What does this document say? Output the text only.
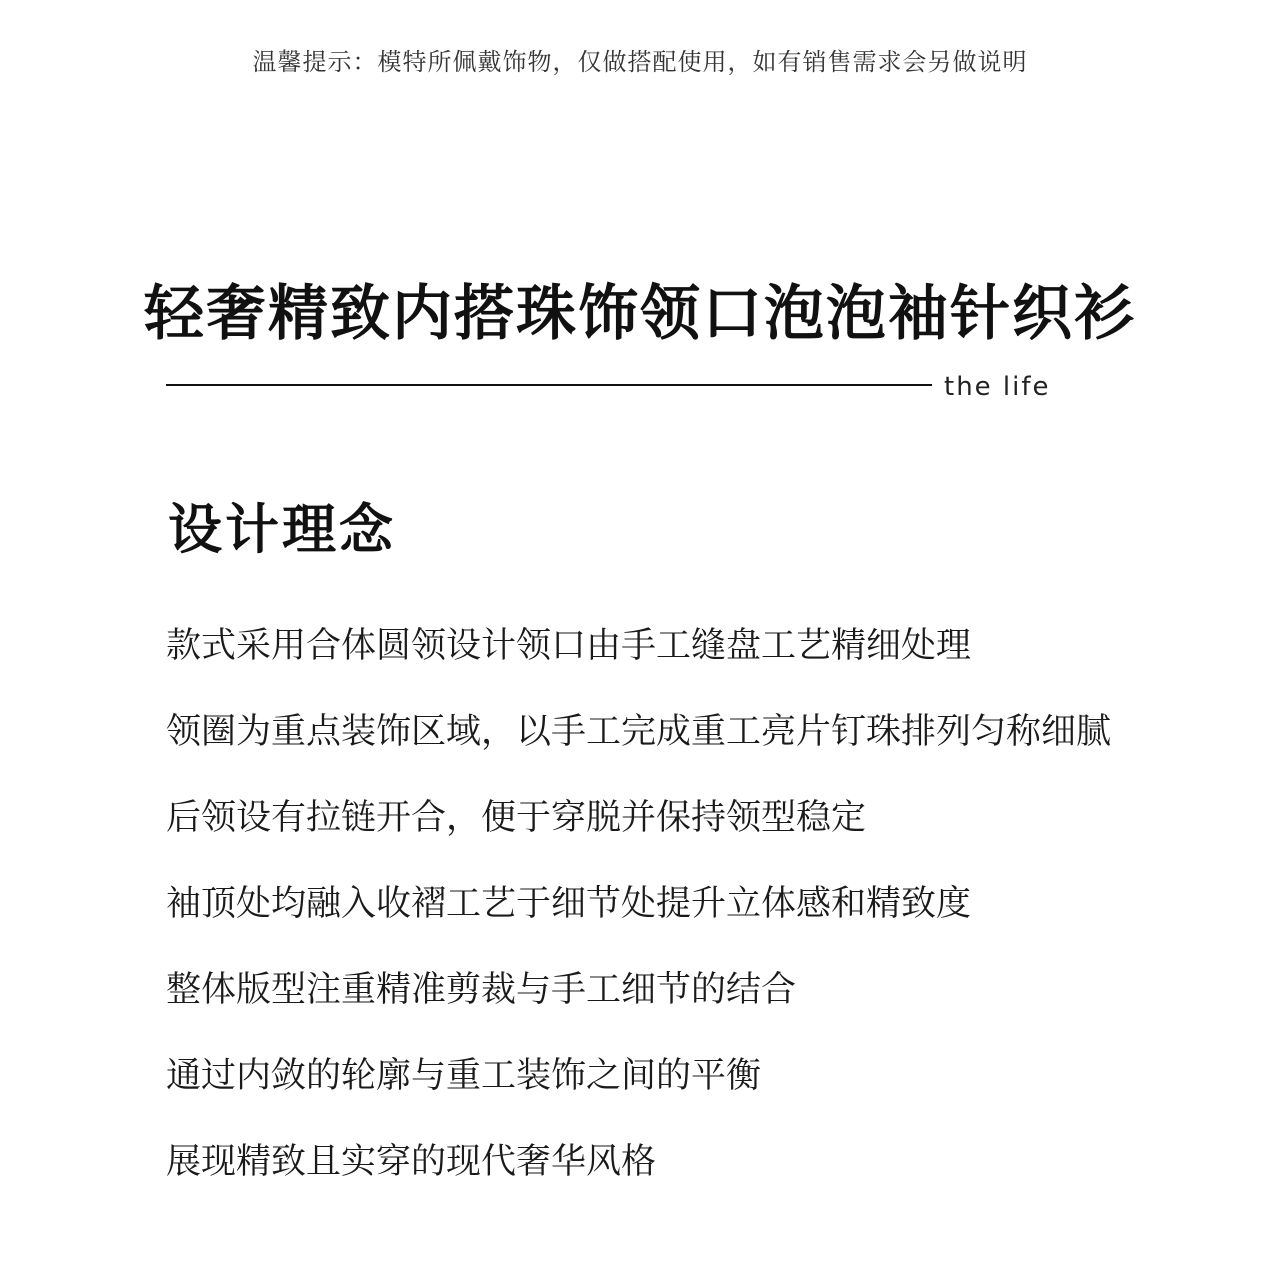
温馨提示：模特所佩戴饰物，仅做搭配使用，如有销售需求会另做说明
轻奢精致内搭珠饰领口泡泡袖针织衫
the life
设计理念
款式采用合体圆领设计领口由手工缝盘工艺精细处理
领圈为重点装饰区域，以手工完成重工亮片钉珠排列匀称细腻
后领设有拉链开合，便于穿脱并保持领型稳定
袖顶处均融入收褶工艺于细节处提升立体感和精致度
整体版型注重精准剪裁与手工细节的结合
通过内敛的轮廓与重工装饰之间的平衡
展现精致且实穿的现代奢华风格
